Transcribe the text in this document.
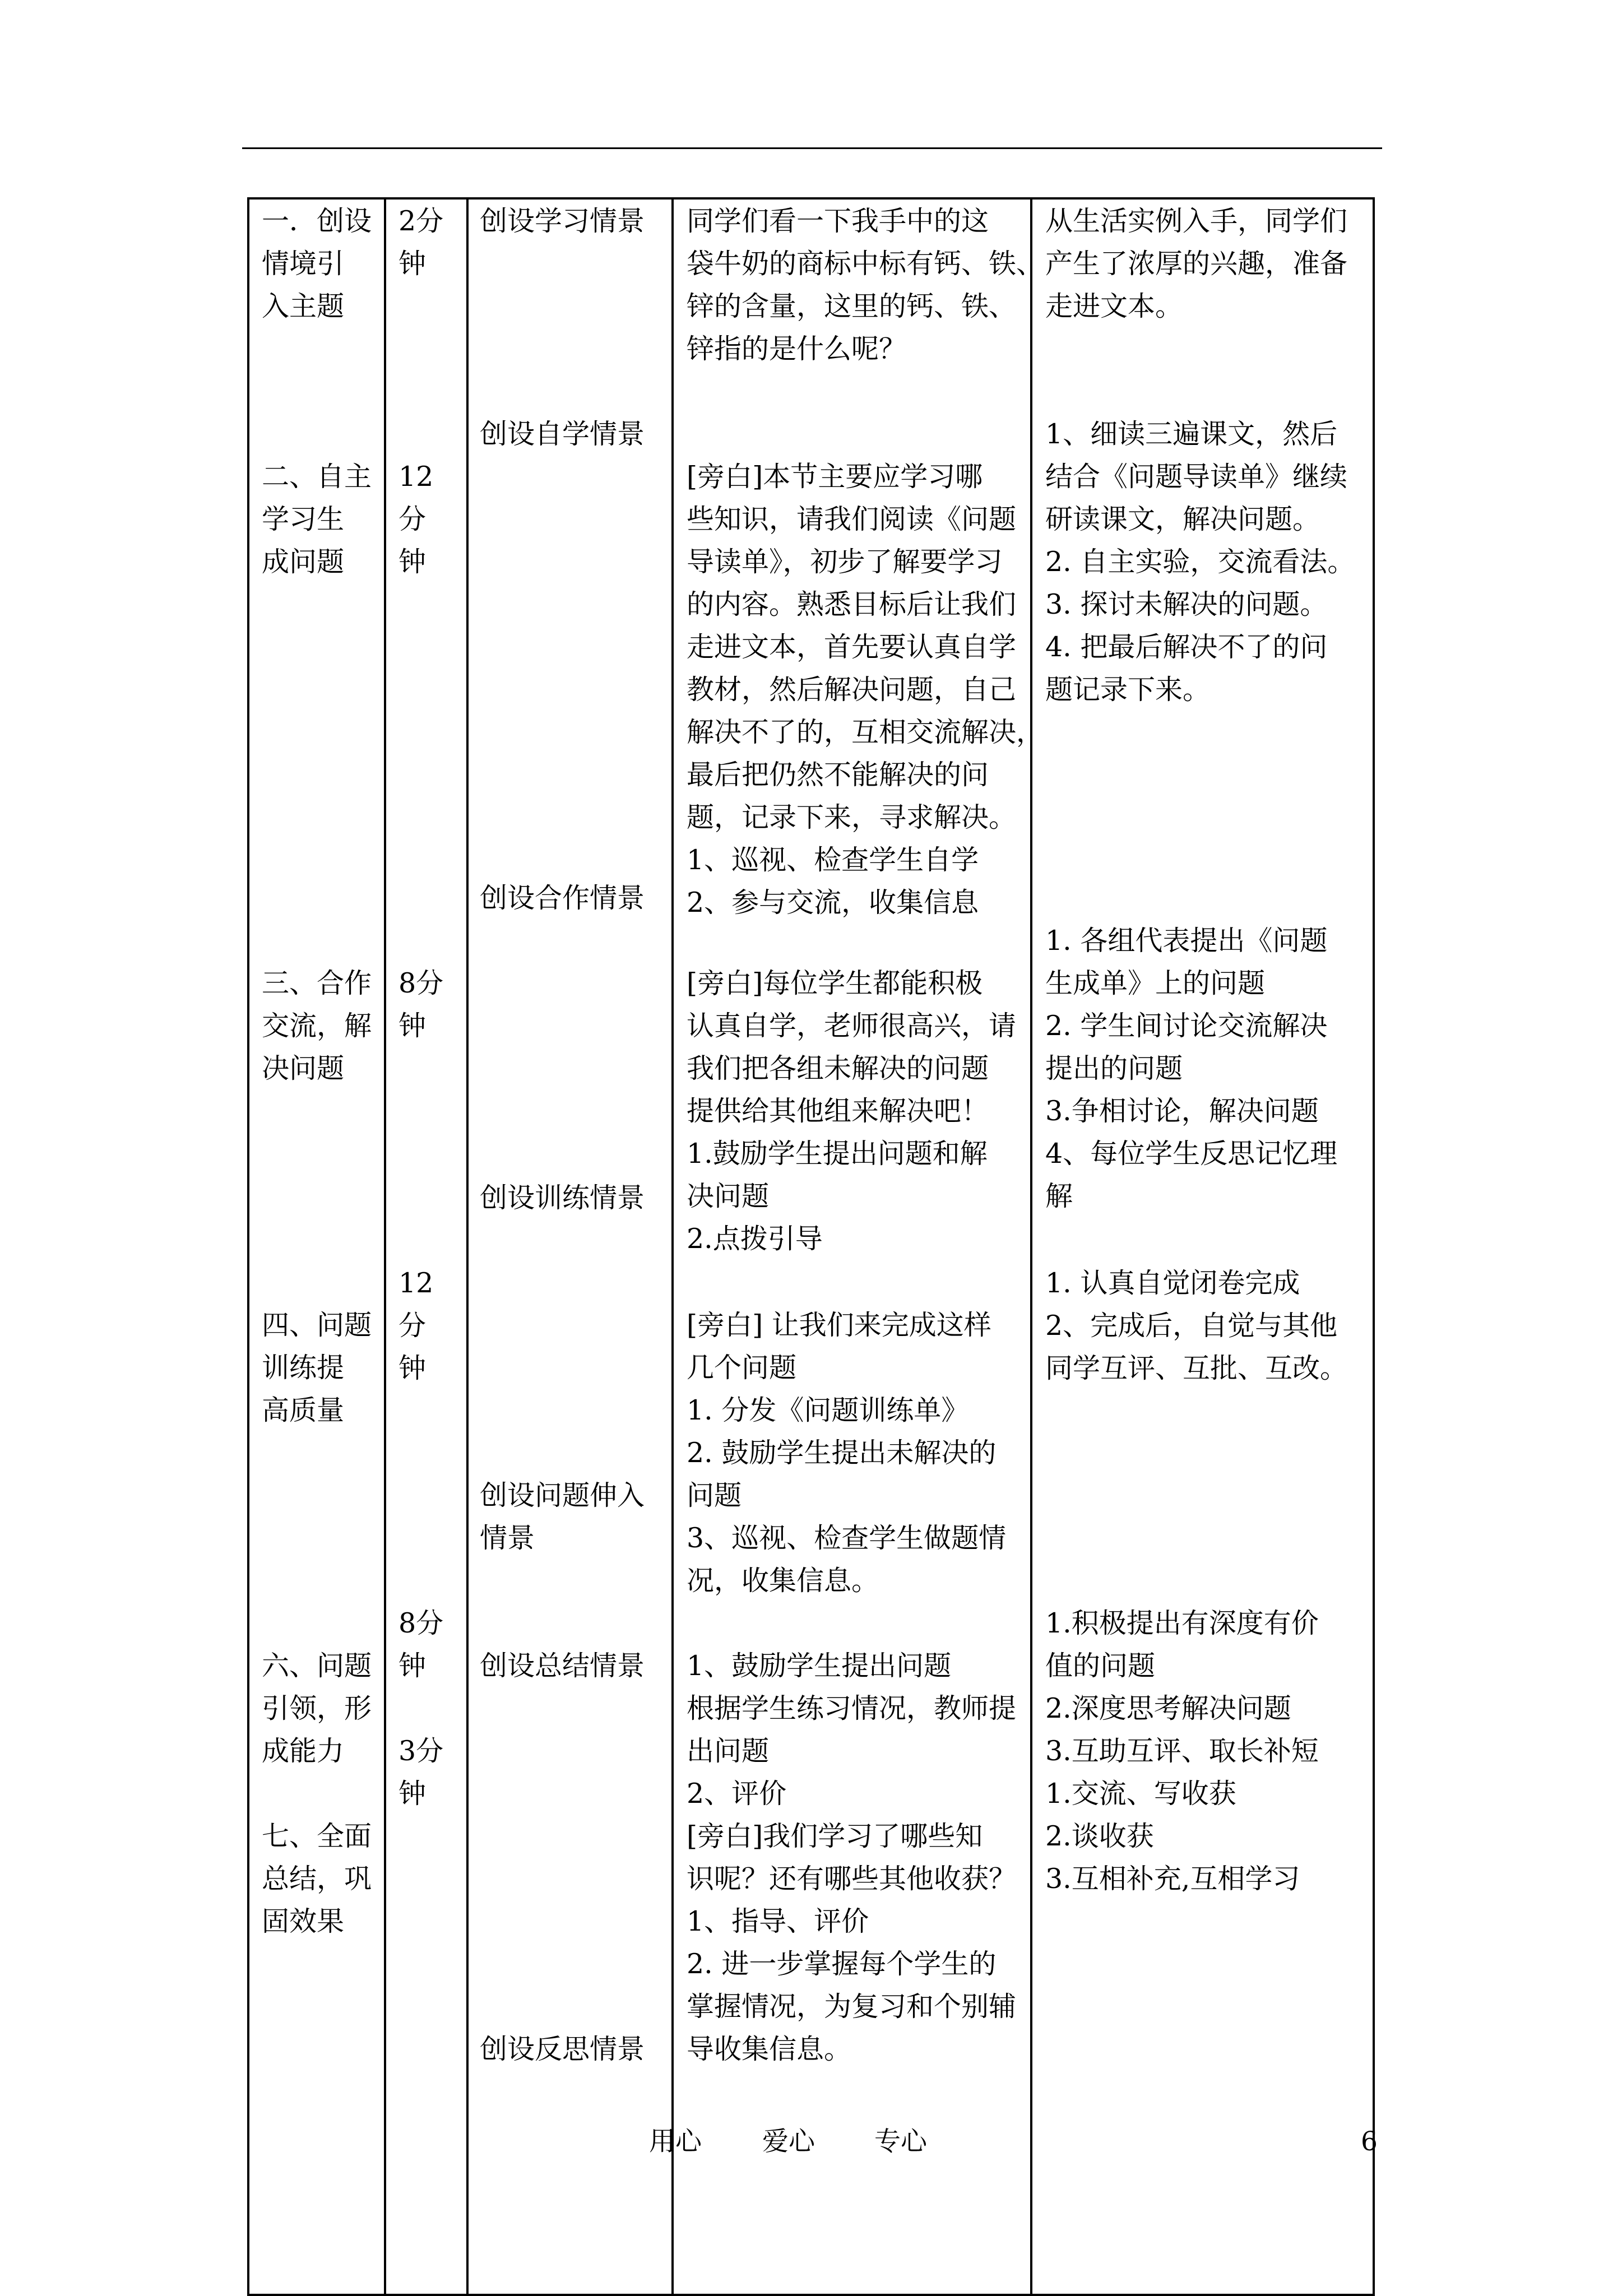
一．创设
情境引
入主题
二、自主
学习生
成问题
三、合作
交流，解
决问题
四、问题
训练提
高质量
六、问题
引领，形
成能力
七、全面
总结，巩
固效果
2分
钟
12
分
钟
8分
钟
12
分
钟
8分
钟
3分
钟
创设学习情景
创设自学情景
创设合作情景
创设训练情景
创设问题伸入
情景
创设总结情景
创设反思情景
同学们看一下我手中的这
袋牛奶的商标中标有钙、铁、
锌的含量，这里的钙、铁、
锌指的是什么呢？
[旁白]本节主要应学习哪
些知识，请我们阅读《问题
导读单》，初步了解要学习
的内容。熟悉目标后让我们
走进文本，首先要认真自学
教材，然后解决问题，自己
解决不了的，互相交流解决，
最后把仍然不能解决的问
题，记录下来，寻求解决。
1、巡视、检查学生自学
2、参与交流，收集信息
[旁白]每位学生都能积极
认真自学，老师很高兴，请
我们把各组未解决的问题
提供给其他组来解决吧！
1.鼓励学生提出问题和解
决问题
2.点拨引导
[旁白] 让我们来完成这样
几个问题
1. 分发《问题训练单》
2. 鼓励学生提出未解决的
问题
3、巡视、检查学生做题情
况，收集信息。
1、鼓励学生提出问题
根据学生练习情况，教师提
出问题
2、评价
[旁白]我们学习了哪些知
识呢？还有哪些其他收获？
1、指导、评价
2. 进一步掌握每个学生的
掌握情况，为复习和个别辅
导收集信息。
从生活实例入手，同学们
产生了浓厚的兴趣，准备
走进文本。
1、细读三遍课文，然后
结合《问题导读单》继续
研读课文，解决问题。
2. 自主实验，交流看法。
3. 探讨未解决的问题。
4. 把最后解决不了的问
题记录下来。
1. 各组代表提出《问题
生成单》上的问题
2. 学生间讨论交流解决
提出的问题
3.争相讨论，解决问题
4、每位学生反思记忆理
解
1. 认真自觉闭卷完成
2、完成后，自觉与其他
同学互评、互批、互改。
1.积极提出有深度有价
值的问题
2.深度思考解决问题
3.互助互评、取长补短
1.交流、写收获
2.谈收获
3.互相补充,互相学习
用心 爱心 专心	6
